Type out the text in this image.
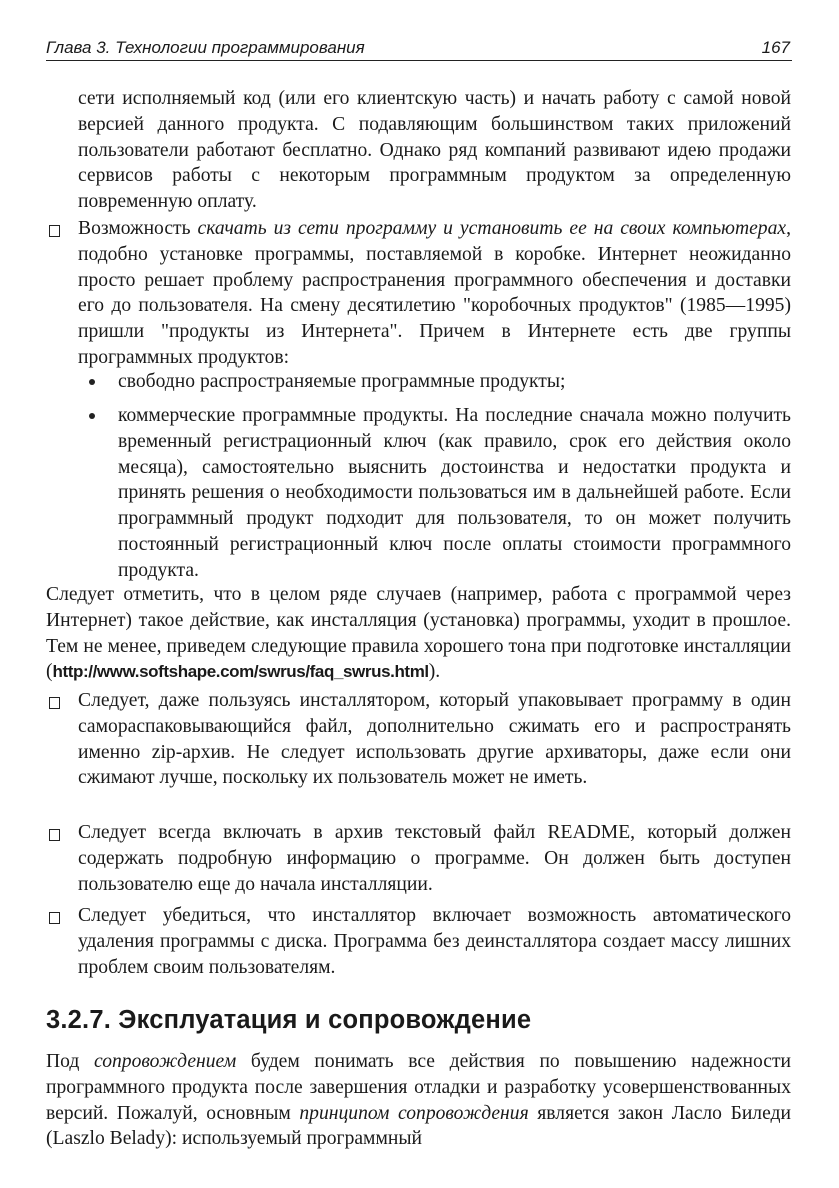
Глава 3. Технологии программирования	167

сети исполняемый код (или его клиентскую часть) и начать работу с самой новой версией данного продукта. С подавляющим большинством таких приложений пользователи работают бесплатно. Однако ряд компаний развивают идею продажи сервисов работы с некоторым программным продуктом за определенную повременную оплату.

Возможность скачать из сети программу и установить ее на своих компьютерах, подобно установке программы, поставляемой в коробке. Интернет неожиданно просто решает проблему распространения программного обеспечения и доставки его до пользователя. На смену десятилетию "коробочных продуктов" (1985—1995) пришли "продукты из Интернета". Причем в Интернете есть две группы программных продуктов:

свободно распространяемые программные продукты;

коммерческие программные продукты. На последние сначала можно получить временный регистрационный ключ (как правило, срок его действия около месяца), самостоятельно выяснить достоинства и недостатки продукта и принять решения о необходимости пользоваться им в дальнейшей работе. Если программный продукт подходит для пользователя, то он может получить постоянный регистрационный ключ после оплаты стоимости программного продукта.

Следует отметить, что в целом ряде случаев (например, работа с программой через Интернет) такое действие, как инсталляция (установка) программы, уходит в прошлое. Тем не менее, приведем следующие правила хорошего тона при подготовке инсталляции (http://www.softshape.com/swrus/faq_swrus.html).

Следует, даже пользуясь инсталлятором, который упаковывает программу в один самораспаковывающийся файл, дополнительно сжимать его и распространять именно zip-архив. Не следует использовать другие архиваторы, даже если они сжимают лучше, поскольку их пользователь может не иметь.

Следует всегда включать в архив текстовый файл README, который должен содержать подробную информацию о программе. Он должен быть доступен пользователю еще до начала инсталляции.

Следует убедиться, что инсталлятор включает возможность автоматического удаления программы с диска. Программа без деинсталлятора создает массу лишних проблем своим пользователям.

3.2.7. Эксплуатация и сопровождение

Под сопровождением будем понимать все действия по повышению надежности программного продукта после завершения отладки и разработку усовершенствованных версий. Пожалуй, основным принципом сопровождения является закон Ласло Биледи (Laszlo Belady): используемый программный
